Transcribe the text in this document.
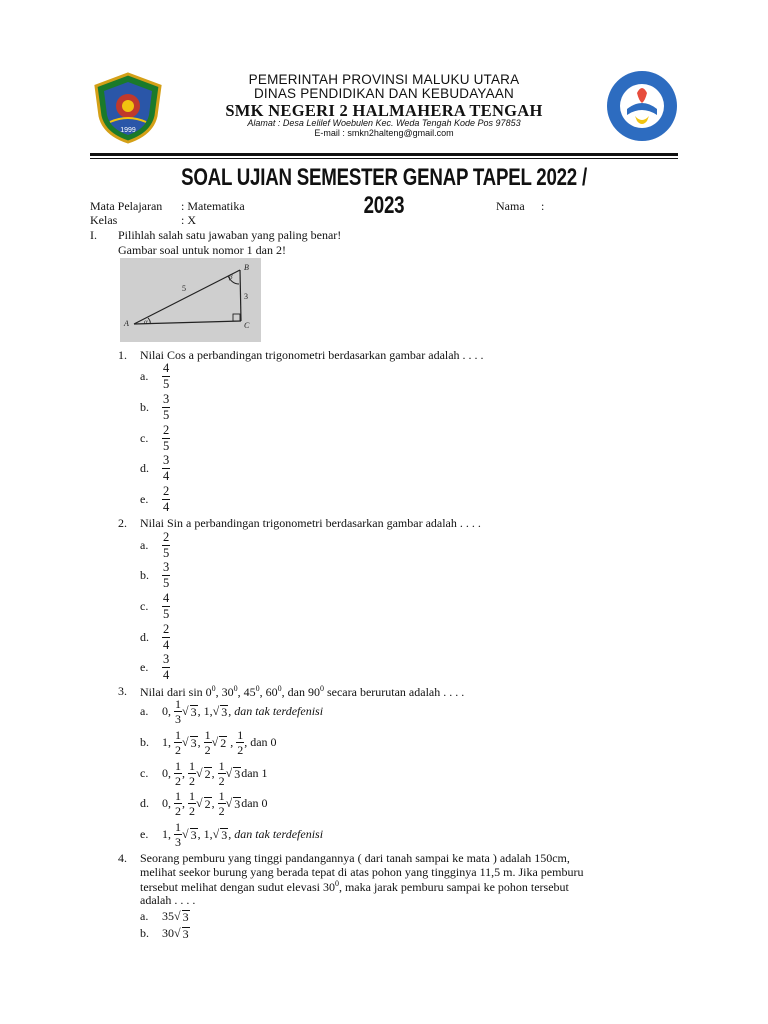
1999
PEMERINTAH PROVINSI MALUKU UTARA
DINAS PENDIDIKAN DAN KEBUDAYAAN
SMK NEGERI 2 HALMAHERA TENGAH
Alamat : Desa Lelilef Woebulen Kec. Weda Tengah Kode Pos 97853
E-mail : smkn2halteng@gmail.com
SOAL UJIAN SEMESTER GENAP TAPEL 2022 / 2023
Mata Pelajaran : Matematika	Nama :
Kelas	: X
I. Pilihlah salah satu jawaban yang paling benar!
Gambar soal untuk nomor 1 dan 2!
A
B
C
5
3
α
β
1. Nilai Cos a perbandingan trigonometri berdasarkan gambar adalah . . . .
a.	$\frac{4}{5}$
b.	$\frac{3}{5}$
c.	$\frac{2}{5}$
d.	$\frac{3}{4}$
e.	$\frac{2}{4}$
2. Nilai Sin a perbandingan trigonometri berdasarkan gambar adalah . . . .
a.	$\frac{2}{5}$
b.	$\frac{3}{5}$
c.	$\frac{4}{5}$
d.	$\frac{2}{4}$
e.	$\frac{3}{4}$
3. Nilai dari $\sin 0^0$, $30^0$, $45^0$, $60^0$, dan $90^0$ secara berurutan adalah . . . .
a.	0,
$\frac{1}{3}$ √ 3 , 1, √ 3 , dan tak terdefenisi
b.	1,
$\frac{1}{2}$ √ 3 ,
$\frac{1}{2}$ √ 2
,
$\frac{1}{2}$ , dan 0
c.	0,
$\frac{1}{2}$ ,
$\frac{1}{2}$ √ 2 ,
$\frac{1}{2}$ √ 3 dan 1
d.	0,
$\frac{1}{2}$ ,
$\frac{1}{2}$ √ 2 ,
$\frac{1}{2}$ √ 3 dan 0
e.	1,
$\frac{1}{3}$ √ 3 , 1, √ 3 , dan tak terdefenisi
4. Seorang pemburu yang tinggi pandangannya ( dari tanah sampai ke mata ) adalah 150cm,
melihat seekor burung yang berada tepat di atas pohon yang tingginya 11,5 m. Jika pemburu
tersebut melihat dengan sudut elevasi $30^0$, maka jarak pemburu sampai ke pohon tersebut
adalah . . . .
a.	35 √ 3
b.	30 √ 3
